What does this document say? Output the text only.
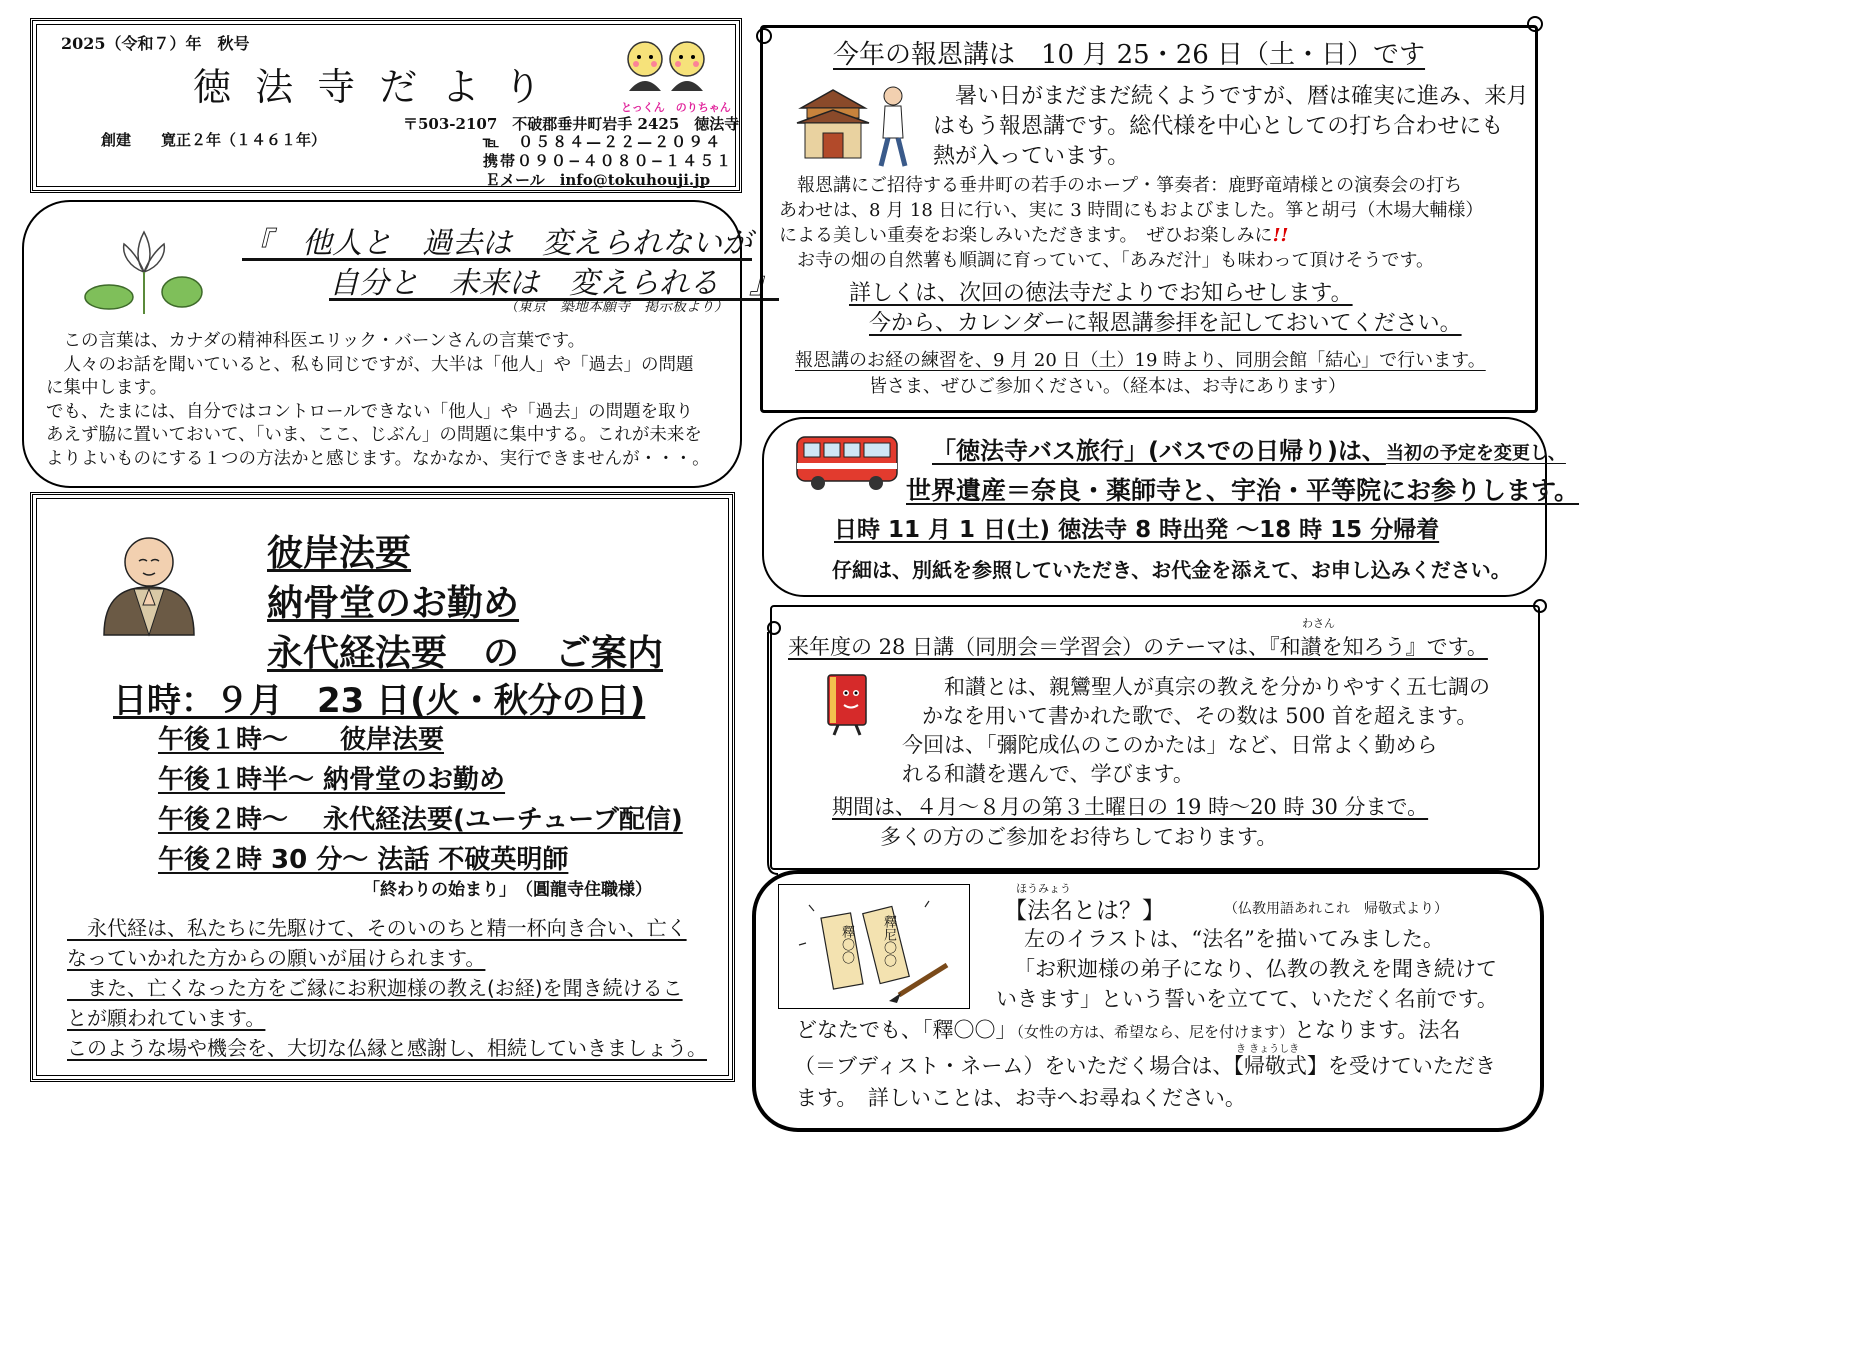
2025（令和７）年　秋号
徳 法 寺 だ よ り
創建　　寛正２年（１４６１年）
〒503-2107　不破郡垂井町岩手 2425　徳法寺
℡　０５８４—２２—２０９４
携帯０９０−４０８０−１４５１
Ｅメール　info@tokuhouji.jp
とっくん　のりちゃん
『　他人と　過去は　変えられないが
自分と　未来は　変えられる　』
（東京　築地本願寺　掲示板より）

　この言葉は、カナダの精神科医エリック・バーンさんの言葉です。

　人々のお話を聞いていると、私も同じですが、大半は「他人」や「過去」の問題

に集中します。

でも、たまには、自分ではコントロールできない「他人」や「過去」の問題を取り

あえず脇に置いておいて、「いま、ここ、じぶん」の問題に集中する。これが未来を

よりよいものにする１つの方法かと感じます。なかなか、実行できませんが・・・。

彼岸法要
納骨堂のお勤め
永代経法要　の　ご案内
日時：９月　23 日(火・秋分の日)

午後１時～　　彼岸法要

午後１時半～ 納骨堂のお勤め

午後２時～　 永代経法要(ユーチューブ配信)

午後２時 30 分～ 法話 不破英明師

「終わりの始まり」　（圓龍寺住職様）

　永代経は、私たちに先駆けて、そのいのちと精一杯向き合い、亡く

なっていかれた方からの願いが届けられます。

　また、亡くなった方をご縁にお釈迦様の教え(お経)を聞き続けるこ

とが願われています。

このような場や機会を、大切な仏縁と感謝し、相続していきましょう。

今年の報恩講は　10 月 25・26 日（土・日）です

暑い日がまだまだ続くようですが、暦は確実に進み、来月

はもう報恩講です。総代様を中心としての打ち合わせにも

熱が入っています。

　報恩講にご招待する垂井町の若手のホープ・箏奏者：鹿野竜靖様との演奏会の打ち

あわせは、8 月 18 日に行い、実に 3 時間にもおよびました。箏と胡弓（木場大輔様）

による美しい重奏をお楽しみいただきます。　ぜひお楽しみに!!

　お寺の畑の自然薯も順調に育っていて、「あみだ汁」も味わって頂けそうです。

詳しくは、次回の徳法寺だよりでお知らせします。
今から、カレンダーに報恩講参拝を記しておいてください。
報恩講のお経の練習を、9 月 20 日（土）19 時より、同朋会館「結心」で行います。
皆さま、ぜひご参加ください。（経本は、お寺にあります）
「徳法寺バス旅行」(バスでの日帰り)は、当初の予定を変更し、
世界遺産＝奈良・薬師寺と、宇治・平等院にお参りします。
日時 11 月 1 日(土) 徳法寺 8 時出発 ～18 時 15 分帰着
仔細は、別紙を参照していただき、お代金を添えて、お申し込みください。
わさん
来年度の 28 日講（同朋会＝学習会）のテーマは、『和讃を知ろう』です。

和讃とは、親鸞聖人が真宗の教えを分かりやすく五七調の

かなを用いて書かれた歌で、その数は 500 首を超えます。

今回は、「彌陀成仏のこのかたは」など、日常よく勤めら

れる和讃を選んで、学びます。

期間は、４月～８月の第３土曜日の 19 時～20 時 30 分まで。
多くの方のご参加をお待ちしております。
釋〇〇 釋尼〇〇
ほうみょう
【法名とは？】	（仏教用語あれこれ　帰敬式より）

左のイラストは、“法名”を描いてみました。

「お釈迦様の弟子になり、仏教の教えを聞き続けて

いきます」という誓いを立てて、いただく名前です。

どなたでも、「釋〇〇」（女性の方は、希望なら、尼を付けます）となります。法名
き きょうしき
（＝ブディスト・ネーム）をいただく場合は、【帰敬式】を受けていただき
ます。　詳しいことは、お寺へお尋ねください。
